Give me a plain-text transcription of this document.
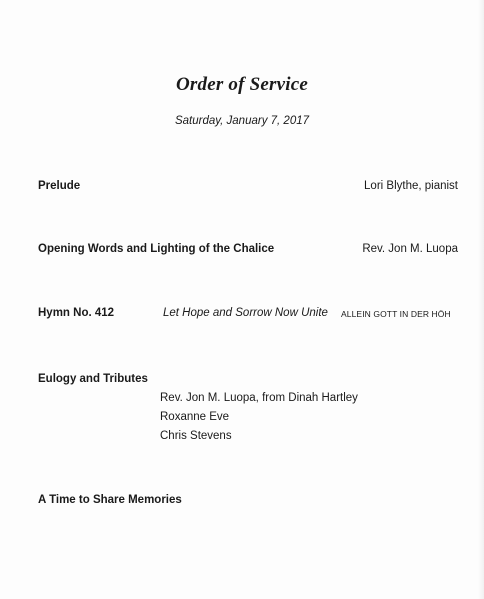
Order of Service
Saturday, January 7, 2017
Prelude	Lori Blythe, pianist
Opening Words and Lighting of the Chalice	Rev. Jon M. Luopa
Hymn No. 412	Let Hope and Sorrow Now Unite ALLEIN GOTT IN DER HÖH
Eulogy and Tributes
Rev. Jon M. Luopa, from Dinah Hartley
Roxanne Eve
Chris Stevens
A Time to Share Memories
